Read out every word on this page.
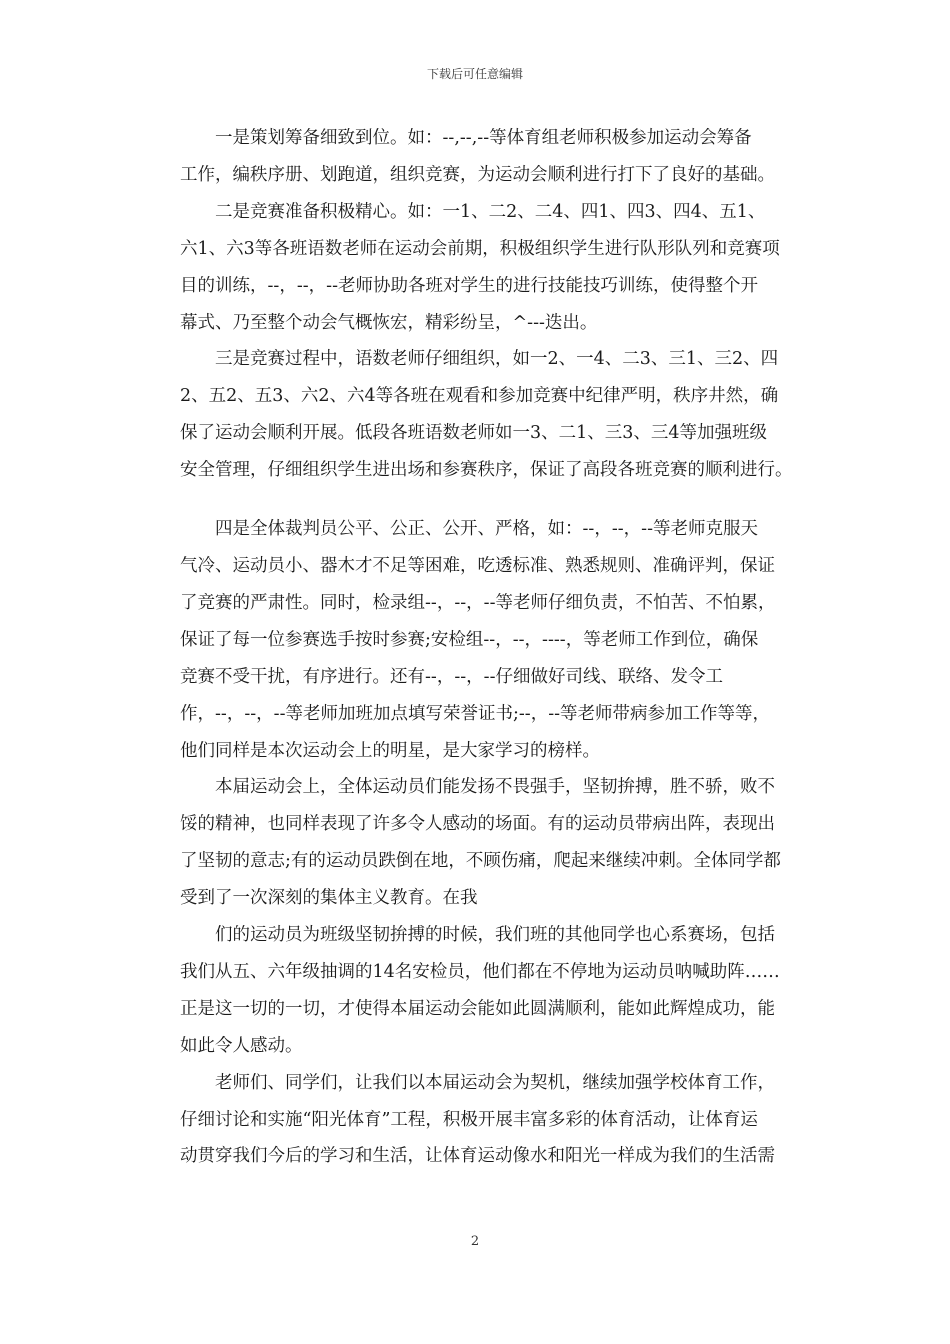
下载后可任意编辑
一是策划筹备细致到位。如：--,--,--等体育组老师积极参加运动会筹备
工作，编秩序册、划跑道，组织竞赛，为运动会顺利进行打下了良好的基础。
二是竞赛准备积极精心。如：一1、二2、二4、四1、四3、四4、五1、
六1、六3等各班语数老师在运动会前期，积极组织学生进行队形队列和竞赛项
目的训练，--，--，--老师协助各班对学生的进行技能技巧训练，使得整个开
幕式、乃至整个动会气概恢宏，精彩纷呈，^---迭出。
三是竞赛过程中，语数老师仔细组织，如一2、一4、二3、三1、三2、四
2、五2、五3、六2、六4等各班在观看和参加竞赛中纪律严明，秩序井然，确
保了运动会顺利开展。低段各班语数老师如一3、二1、三3、三4等加强班级
安全管理，仔细组织学生进出场和参赛秩序，保证了高段各班竞赛的顺利进行。
四是全体裁判员公平、公正、公开、严格，如：--，--，--等老师克服天
气冷、运动员小、器木才不足等困难，吃透标准、熟悉规则、准确评判，保证
了竞赛的严肃性。同时，检录组--，--，--等老师仔细负责，不怕苦、不怕累，
保证了每一位参赛选手按时参赛;安检组--，--，----，等老师工作到位，确保
竞赛不受干扰，有序进行。还有--，--，--仔细做好司线、联络、发令工
作，--，--，--等老师加班加点填写荣誉证书;--，--等老师带病参加工作等等，
他们同样是本次运动会上的明星，是大家学习的榜样。
本届运动会上，全体运动员们能发扬不畏强手，坚韧拚搏，胜不骄，败不
馁的精神，也同样表现了许多令人感动的场面。有的运动员带病出阵，表现出
了坚韧的意志;有的运动员跌倒在地，不顾伤痛，爬起来继续冲刺。全体同学都
受到了一次深刻的集体主义教育。在我
们的运动员为班级坚韧拚搏的时候，我们班的其他同学也心系赛场，包括
我们从五、六年级抽调的14名安检员，他们都在不停地为运动员呐喊助阵……
正是这一切的一切，才使得本届运动会能如此圆满顺利，能如此辉煌成功，能
如此令人感动。
老师们、同学们，让我们以本届运动会为契机，继续加强学校体育工作，
仔细讨论和实施“阳光体育”工程，积极开展丰富多彩的体育活动，让体育运
动贯穿我们今后的学习和生活，让体育运动像水和阳光一样成为我们的生活需
2
